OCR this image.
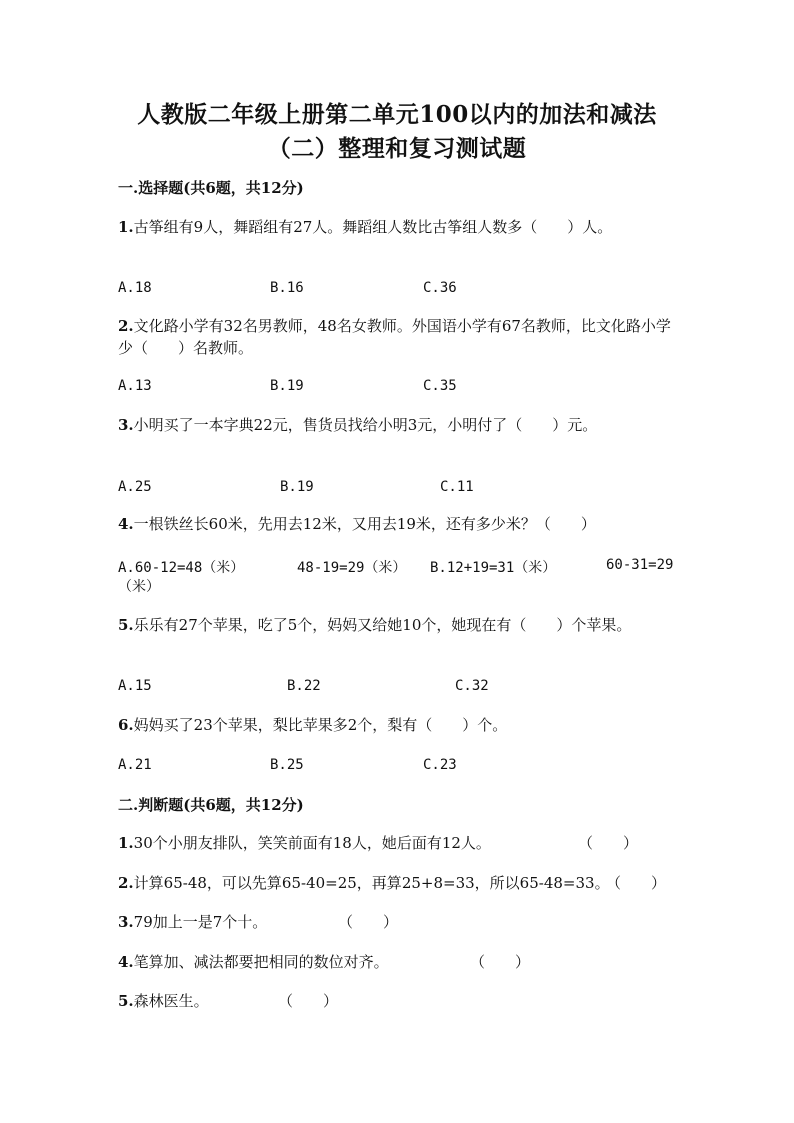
人教版二年级上册第二单元100以内的加法和减法
（二）整理和复习测试题
一.选择题(共6题，共12分)
1.古筝组有9人，舞蹈组有27人。舞蹈组人数比古筝组人数多（　　）人。
A.18	B.16	C.36
2.文化路小学有32名男教师，48名女教师。外国语小学有67名教师，比文化路小学少（　　）名教师。
A.13	B.19	C.35
3.小明买了一本字典22元，售货员找给小明3元，小明付了（　　）元。
A.25	B.19	C.11
4.一根铁丝长60米，先用去12米，又用去19米，还有多少米？（　　）
A.60-12=48（米）	48-19=29（米） B.12+19=31（米）	60-31=29
（米）
5.乐乐有27个苹果，吃了5个，妈妈又给她10个，她现在有（　　）个苹果。
A.15	B.22	C.32
6.妈妈买了23个苹果，梨比苹果多2个，梨有（　　）个。
A.21	B.25	C.23
二.判断题(共6题，共12分)
1.30个小朋友排队，笑笑前面有18人，她后面有12人。	（　　）
2.计算65-48，可以先算65-40=25，再算25+8=33，所以65-48=33。
（　　）
3.79加上一是7个十。	（　　）
4.笔算加、减法都要把相同的数位对齐。	（　　）
5.森林医生。	（　　）
